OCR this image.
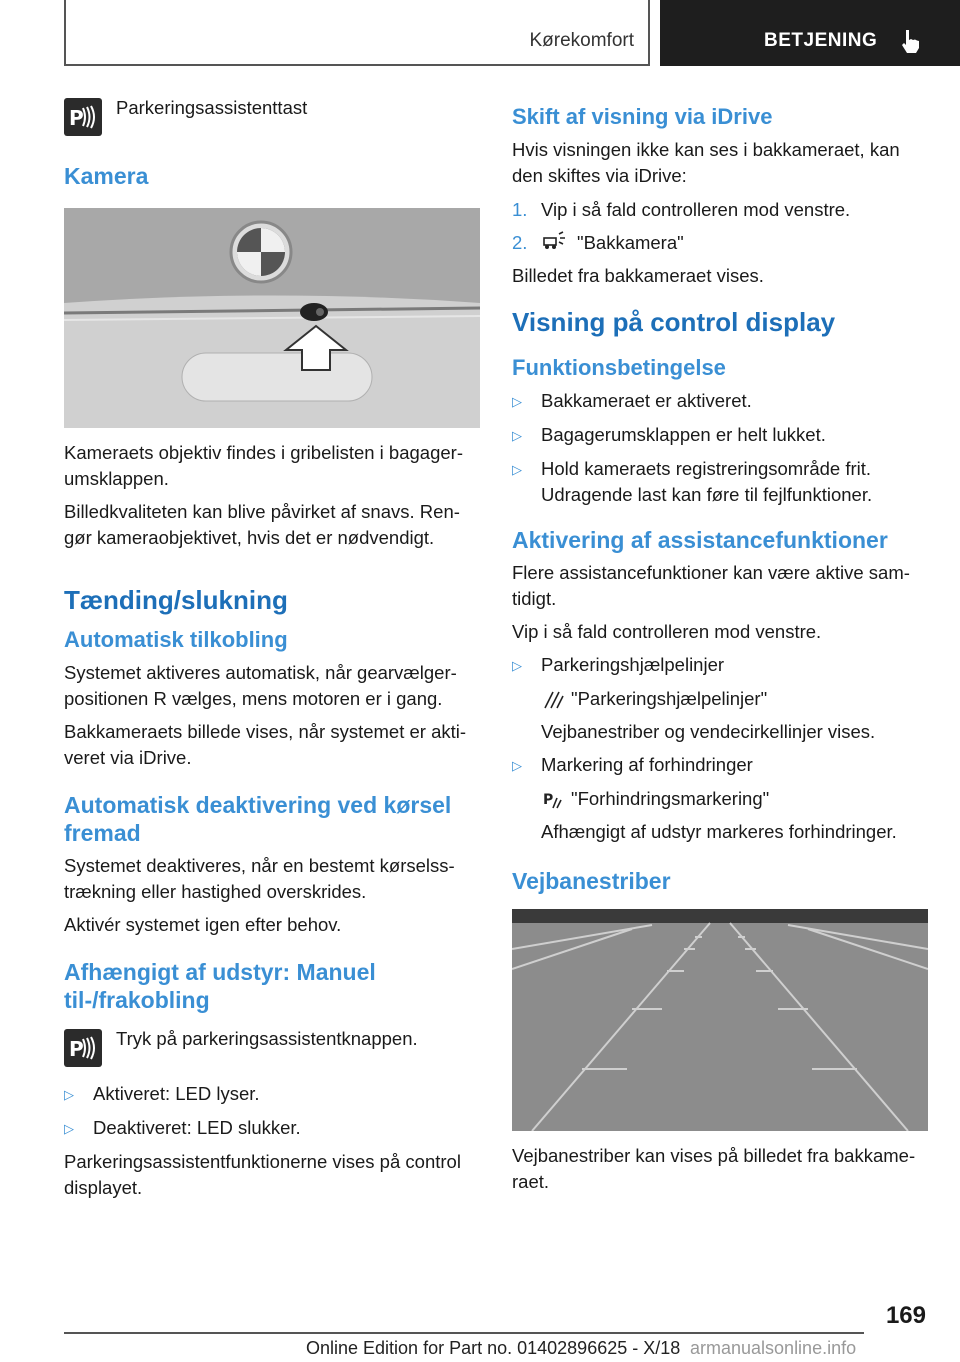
Kørekomfort	BETJENING
P Parkeringsassistenttast
Kamera
Kameraets objektiv findes i gribelisten i bagagerumsklappen.
Billedkvaliteten kan blive påvirket af snavs. Rengør kameraobjektivet, hvis det er nødvendigt.
Tænding/slukning
Automatisk tilkobling
Systemet aktiveres automatisk, når gearvælgerpositionen R vælges, mens motoren er i gang.
Bakkameraets billede vises, når systemet er aktiveret via iDrive.
Automatisk deaktivering ved kørsel fremad
Systemet deaktiveres, når en bestemt kørselsstrækning eller hastighed overskrides.
Aktivér systemet igen efter behov.
Afhængigt af udstyr: Manuel til-/frakobling
P Tryk på parkeringsassistentknappen.
▷	Aktiveret: LED lyser.
▷	Deaktiveret: LED slukker.
Parkeringsassistentfunktionerne vises på control displayet.
Skift af visning via iDrive
Hvis visningen ikke kan ses i bakkameraet, kan den skiftes via iDrive:
1. Vip i så fald controlleren mod venstre.
2.	"Bakkamera"
Billedet fra bakkameraet vises.
Visning på control display
Funktionsbetingelse
▷	Bakkameraet er aktiveret.
▷	Bagagerumsklappen er helt lukket.
▷	Hold kameraets registreringsområde frit. Udragende last kan føre til fejlfunktioner.
Aktivering af assistancefunktioner
Flere assistancefunktioner kan være aktive samtidigt.
Vip i så fald controlleren mod venstre.
▷	Parkeringshjælpelinjer
"Parkeringshjælpelinjer"
Vejbanestriber og vendecirkellinjer vises.
▷	Markering af forhindringer
P "Forhindringsmarkering"
Afhængigt af udstyr markeres forhindringer.
Vejbanestriber
Vejbanestriber kan vises på billedet fra bakkameraet.
169
Online Edition for Part no. 01402896625 - X/18 armanualsonline.info
